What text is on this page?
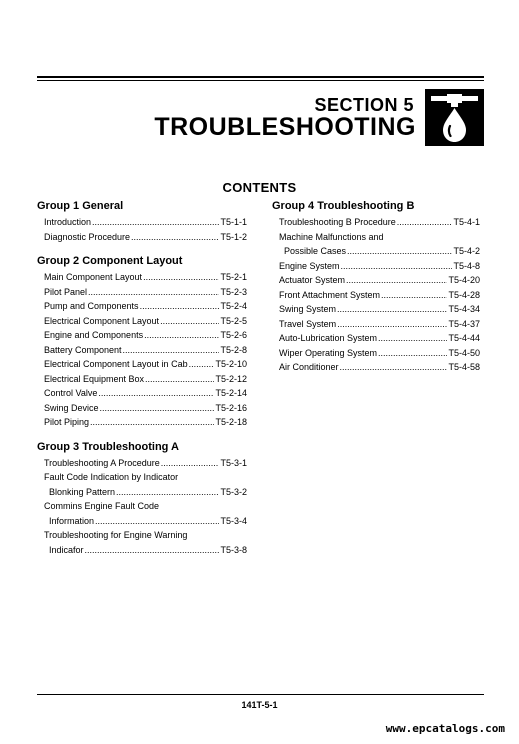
SECTION 5
TROUBLESHOOTING
CONTENTS
Group 1 General
Introduction .....	T5-1-1
Diagnostic Procedure .....	T5-1-2
Group 2 Component Layout
Main Component Layout .....	T5-2-1
Pilot Panel .....	T5-2-3
Pump and Components .....	T5-2-4
Electrical Component Layout .....	T5-2-5
Engine and Components .....	T5-2-6
Battery Component .....	T5-2-8
Electrical Component Layout in Cab .....	T5-2-10
Electrical Equipment Box .....	T5-2-12
Control Valve .....	T5-2-14
Swing Device .....	T5-2-16
Pilot Piping .....	T5-2-18
Group 3 Troubleshooting A
Troubleshooting A Procedure .....	T5-3-1
Fault Code Indication by Indicator
Blonking Pattern .....	T5-3-2
Commins Engine Fault Code
Information .....	T5-3-4
Troubleshooting for Engine Warning
Indicafor .....	T5-3-8
Group 4 Troubleshooting B
Troubleshooting B Procedure .....	T5-4-1
Machine Malfunctions and
Possible Cases .....	T5-4-2
Engine System .....	T5-4-8
Actuator System .....	T5-4-20
Front Attachment System .....	T5-4-28
Swing System .....	T5-4-34
Travel System .....	T5-4-37
Auto-Lubrication System .....	T5-4-44
Wiper Operating System .....	T5-4-50
Air Conditioner .....	T5-4-58
141T-5-1
www.epcatalogs.com
